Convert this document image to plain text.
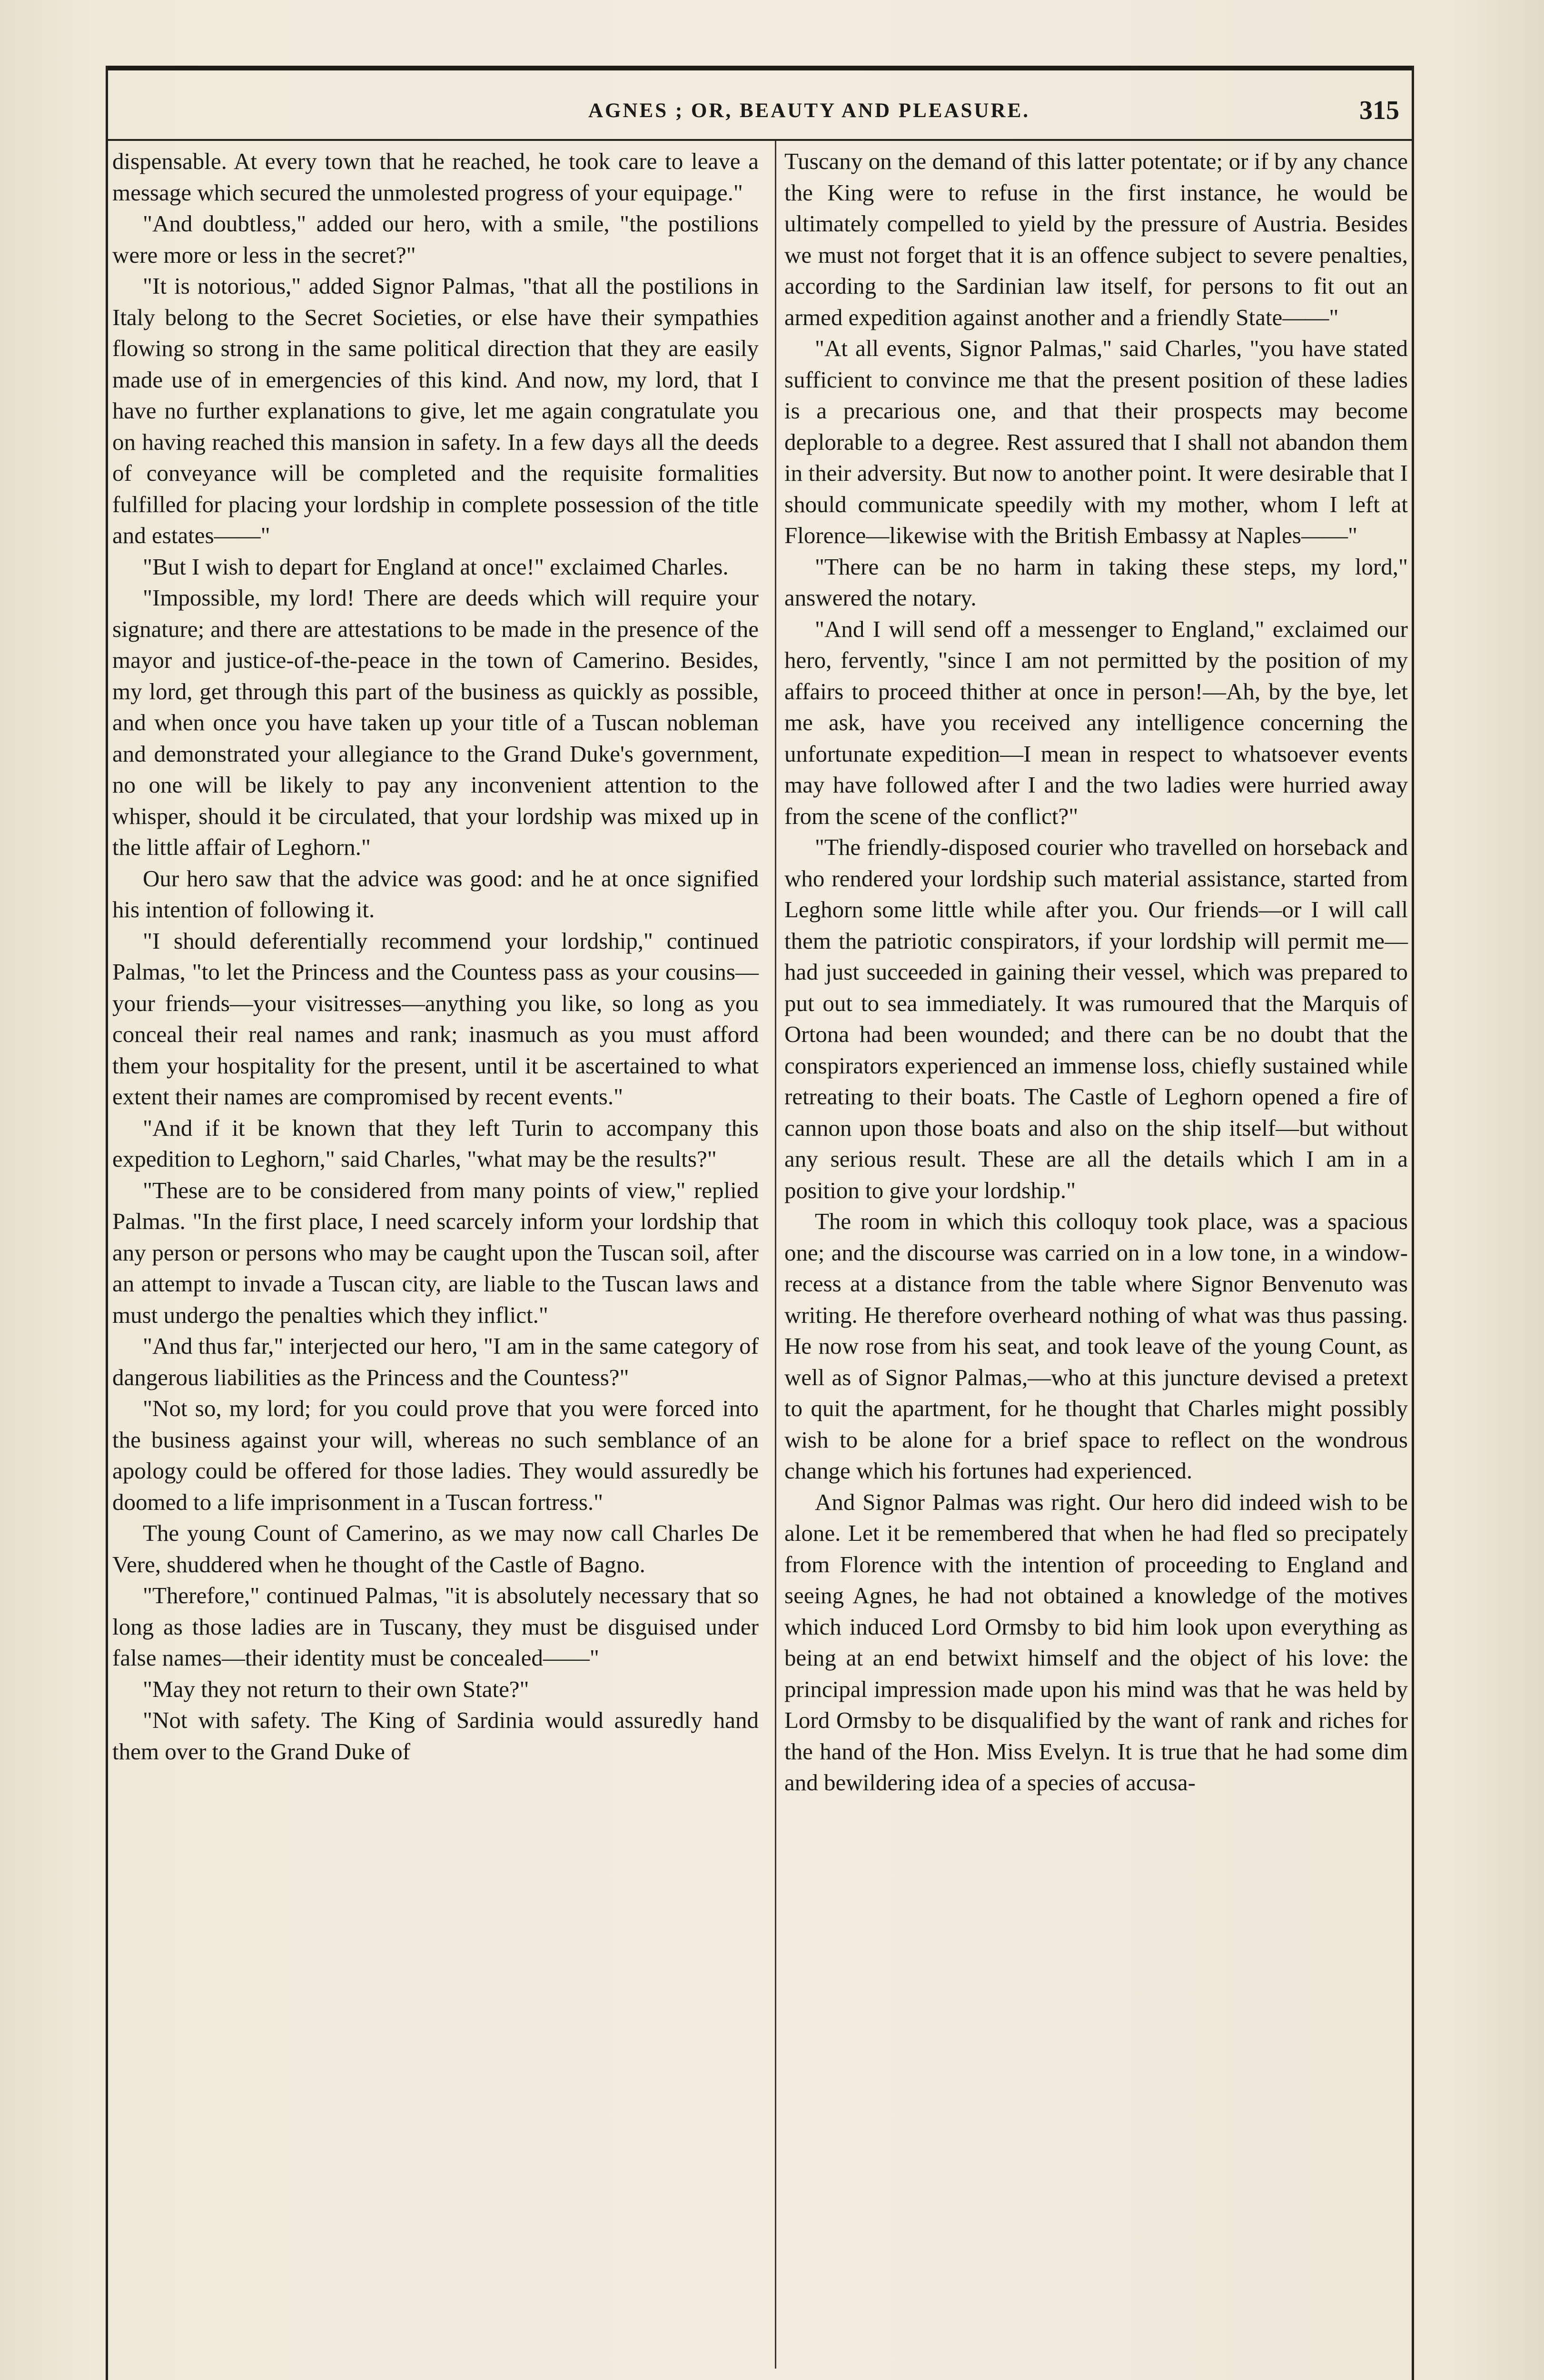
AGNES ; OR, BEAUTY AND PLEASURE.	315

dispensable. At every town that he reached, he took care to leave a message which secured the unmolested progress of your equipage."

"And doubtless," added our hero, with a smile, "the postilions were more or less in the secret?"

"It is notorious," added Signor Palmas, "that all the postilions in Italy belong to the Secret Societies, or else have their sympathies flowing so strong in the same political direction that they are easily made use of in emergencies of this kind. And now, my lord, that I have no further explanations to give, let me again congratulate you on having reached this mansion in safety. In a few days all the deeds of conveyance will be completed and the requisite formalities fulfilled for placing your lordship in complete possession of the title and estates——"

"But I wish to depart for England at once!" exclaimed Charles.

"Impossible, my lord! There are deeds which will require your signature; and there are attestations to be made in the presence of the mayor and justice-of-the-peace in the town of Camerino. Besides, my lord, get through this part of the business as quickly as possible, and when once you have taken up your title of a Tuscan nobleman and demonstrated your allegiance to the Grand Duke's government, no one will be likely to pay any inconvenient attention to the whisper, should it be circulated, that your lordship was mixed up in the little affair of Leghorn."

Our hero saw that the advice was good: and he at once signified his intention of following it.

"I should deferentially recommend your lordship," continued Palmas, "to let the Princess and the Countess pass as your cousins—your friends—your visitresses—anything you like, so long as you conceal their real names and rank; inasmuch as you must afford them your hospitality for the present, until it be ascertained to what extent their names are compromised by recent events."

"And if it be known that they left Turin to accompany this expedition to Leghorn," said Charles, "what may be the results?"

"These are to be considered from many points of view," replied Palmas. "In the first place, I need scarcely inform your lordship that any person or persons who may be caught upon the Tuscan soil, after an attempt to invade a Tuscan city, are liable to the Tuscan laws and must undergo the penalties which they inflict."

"And thus far," interjected our hero, "I am in the same category of dangerous liabilities as the Princess and the Countess?"

"Not so, my lord; for you could prove that you were forced into the business against your will, whereas no such semblance of an apology could be offered for those ladies. They would assuredly be doomed to a life imprisonment in a Tuscan fortress."

The young Count of Camerino, as we may now call Charles De Vere, shuddered when he thought of the Castle of Bagno.

"Therefore," continued Palmas, "it is absolutely necessary that so long as those ladies are in Tuscany, they must be disguised under false names—their identity must be concealed——"

"May they not return to their own State?"

"Not with safety. The King of Sardinia would assuredly hand them over to the Grand Duke of

Tuscany on the demand of this latter potentate; or if by any chance the King were to refuse in the first instance, he would be ultimately compelled to yield by the pressure of Austria. Besides we must not forget that it is an offence subject to severe penalties, according to the Sardinian law itself, for persons to fit out an armed expedition against another and a friendly State——"

"At all events, Signor Palmas," said Charles, "you have stated sufficient to convince me that the present position of these ladies is a precarious one, and that their prospects may become deplorable to a degree. Rest assured that I shall not abandon them in their adversity. But now to another point. It were desirable that I should communicate speedily with my mother, whom I left at Florence—likewise with the British Embassy at Naples——"

"There can be no harm in taking these steps, my lord," answered the notary.

"And I will send off a messenger to England," exclaimed our hero, fervently, "since I am not permitted by the position of my affairs to proceed thither at once in person!—Ah, by the bye, let me ask, have you received any intelligence concerning the unfortunate expedition—I mean in respect to whatsoever events may have followed after I and the two ladies were hurried away from the scene of the conflict?"

"The friendly-disposed courier who travelled on horseback and who rendered your lordship such material assistance, started from Leghorn some little while after you. Our friends—or I will call them the patriotic conspirators, if your lordship will permit me—had just succeeded in gaining their vessel, which was prepared to put out to sea immediately. It was rumoured that the Marquis of Ortona had been wounded; and there can be no doubt that the conspirators experienced an immense loss, chiefly sustained while retreating to their boats. The Castle of Leghorn opened a fire of cannon upon those boats and also on the ship itself—but without any serious result. These are all the details which I am in a position to give your lordship."

The room in which this colloquy took place, was a spacious one; and the discourse was carried on in a low tone, in a window-recess at a distance from the table where Signor Benvenuto was writing. He therefore overheard nothing of what was thus passing. He now rose from his seat, and took leave of the young Count, as well as of Signor Palmas,—who at this juncture devised a pretext to quit the apartment, for he thought that Charles might possibly wish to be alone for a brief space to reflect on the wondrous change which his fortunes had experienced.

And Signor Palmas was right. Our hero did indeed wish to be alone. Let it be remembered that when he had fled so precipately from Florence with the intention of proceeding to England and seeing Agnes, he had not obtained a knowledge of the motives which induced Lord Ormsby to bid him look upon everything as being at an end betwixt himself and the object of his love: the principal impression made upon his mind was that he was held by Lord Ormsby to be disqualified by the want of rank and riches for the hand of the Hon. Miss Evelyn. It is true that he had some dim and bewildering idea of a species of accusa-
